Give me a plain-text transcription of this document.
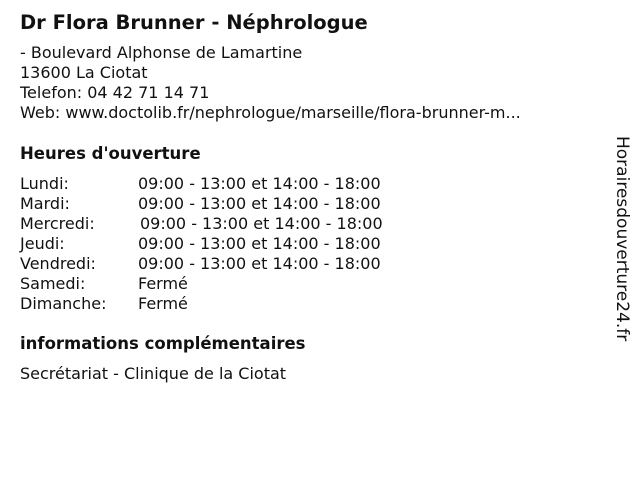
Dr Flora Brunner - Néphrologue
- Boulevard Alphonse de Lamartine
13600 La Ciotat
Telefon: 04 42 71 14 71
Web: www.doctolib.fr/nephrologue/marseille/flora-brunner-m...
Heures d'ouverture
Lundi:	09:00 - 13:00 et 14:00 - 18:00
Mardi:	09:00 - 13:00 et 14:00 - 18:00
Mercredi:	09:00 - 13:00 et 14:00 - 18:00
Jeudi:	09:00 - 13:00 et 14:00 - 18:00
Vendredi:	09:00 - 13:00 et 14:00 - 18:00
Samedi:	Fermé
Dimanche: Fermé
informations complémentaires
Secrétariat - Clinique de la Ciotat
Horairesdouverture24.fr
